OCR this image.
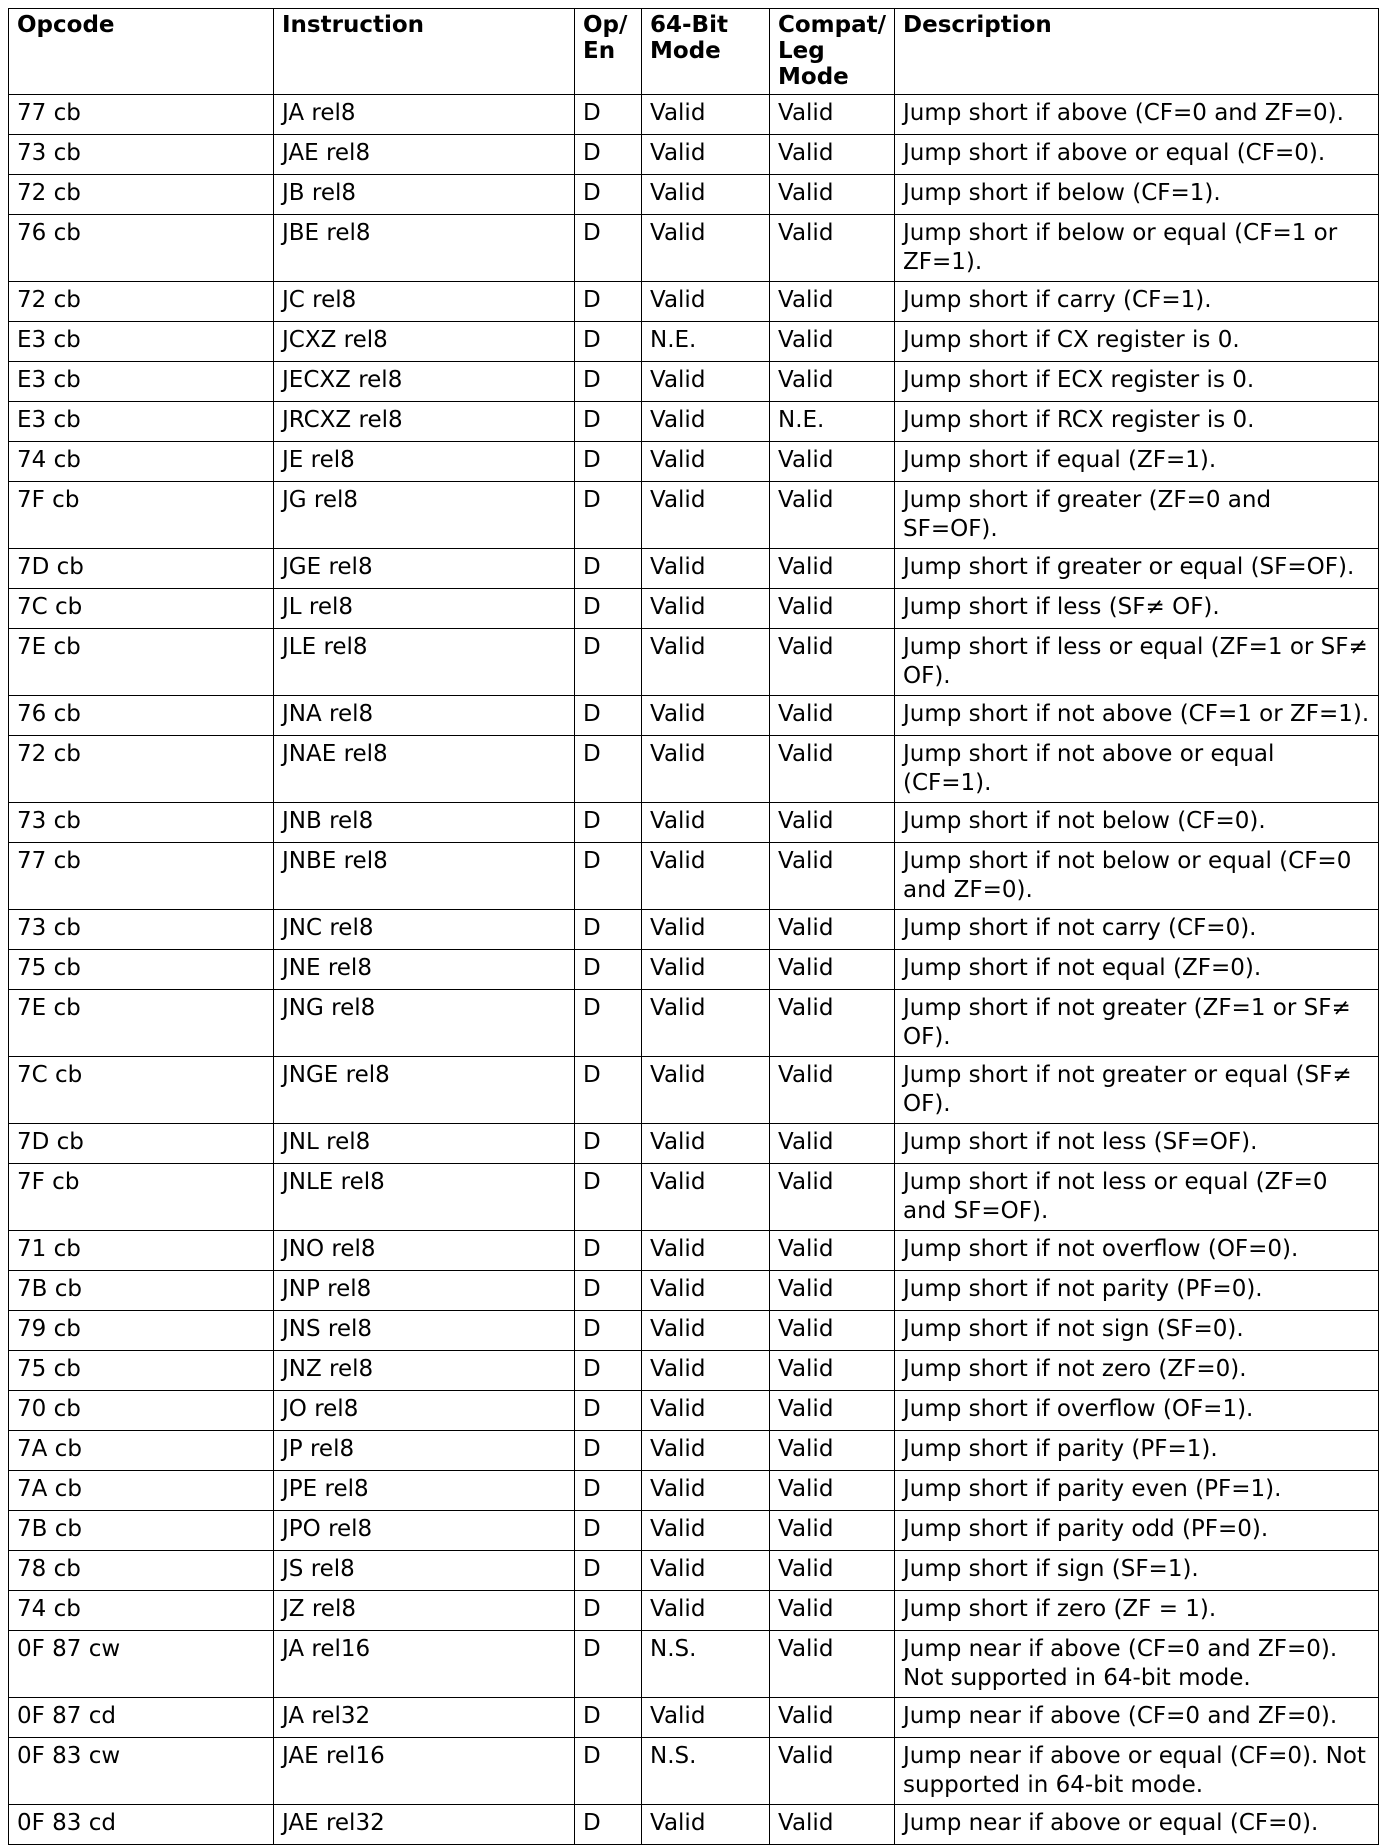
Opcode	Instruction	Op/ En	64-Bit Mode	Compat/ Leg Mode	Description
77 cb	JA rel8	D	Valid	Valid	Jump short if above (CF=0 and ZF=0).
73 cb	JAE rel8	D	Valid	Valid	Jump short if above or equal (CF=0).
72 cb	JB rel8	D	Valid	Valid	Jump short if below (CF=1).
76 cb	JBE rel8	D	Valid	Valid	Jump short if below or equal (CF=1 or ZF=1).
72 cb	JC rel8	D	Valid	Valid	Jump short if carry (CF=1).
E3 cb	JCXZ rel8	D	N.E.	Valid	Jump short if CX register is 0.
E3 cb	JECXZ rel8	D	Valid	Valid	Jump short if ECX register is 0.
E3 cb	JRCXZ rel8	D	Valid	N.E.	Jump short if RCX register is 0.
74 cb	JE rel8	D	Valid	Valid	Jump short if equal (ZF=1).
7F cb	JG rel8	D	Valid	Valid	Jump short if greater (ZF=0 and SF=OF).
7D cb	JGE rel8	D	Valid	Valid	Jump short if greater or equal (SF=OF).
7C cb	JL rel8	D	Valid	Valid	Jump short if less (SF≠ OF).
7E cb	JLE rel8	D	Valid	Valid	Jump short if less or equal (ZF=1 or SF≠ OF).
76 cb	JNA rel8	D	Valid	Valid	Jump short if not above (CF=1 or ZF=1).
72 cb	JNAE rel8	D	Valid	Valid	Jump short if not above or equal (CF=1).
73 cb	JNB rel8	D	Valid	Valid	Jump short if not below (CF=0).
77 cb	JNBE rel8	D	Valid	Valid	Jump short if not below or equal (CF=0 and ZF=0).
73 cb	JNC rel8	D	Valid	Valid	Jump short if not carry (CF=0).
75 cb	JNE rel8	D	Valid	Valid	Jump short if not equal (ZF=0).
7E cb	JNG rel8	D	Valid	Valid	Jump short if not greater (ZF=1 or SF≠ OF).
7C cb	JNGE rel8	D	Valid	Valid	Jump short if not greater or equal (SF≠ OF).
7D cb	JNL rel8	D	Valid	Valid	Jump short if not less (SF=OF).
7F cb	JNLE rel8	D	Valid	Valid	Jump short if not less or equal (ZF=0 and SF=OF).
71 cb	JNO rel8	D	Valid	Valid	Jump short if not overflow (OF=0).
7B cb	JNP rel8	D	Valid	Valid	Jump short if not parity (PF=0).
79 cb	JNS rel8	D	Valid	Valid	Jump short if not sign (SF=0).
75 cb	JNZ rel8	D	Valid	Valid	Jump short if not zero (ZF=0).
70 cb	JO rel8	D	Valid	Valid	Jump short if overflow (OF=1).
7A cb	JP rel8	D	Valid	Valid	Jump short if parity (PF=1).
7A cb	JPE rel8	D	Valid	Valid	Jump short if parity even (PF=1).
7B cb	JPO rel8	D	Valid	Valid	Jump short if parity odd (PF=0).
78 cb	JS rel8	D	Valid	Valid	Jump short if sign (SF=1).
74 cb	JZ rel8	D	Valid	Valid	Jump short if zero (ZF = 1).
0F 87 cw	JA rel16	D	N.S.	Valid	Jump near if above (CF=0 and ZF=0). Not supported in 64-bit mode.
0F 87 cd	JA rel32	D	Valid	Valid	Jump near if above (CF=0 and ZF=0).
0F 83 cw	JAE rel16	D	N.S.	Valid	Jump near if above or equal (CF=0). Not supported in 64-bit mode.
0F 83 cd	JAE rel32	D	Valid	Valid	Jump near if above or equal (CF=0).
